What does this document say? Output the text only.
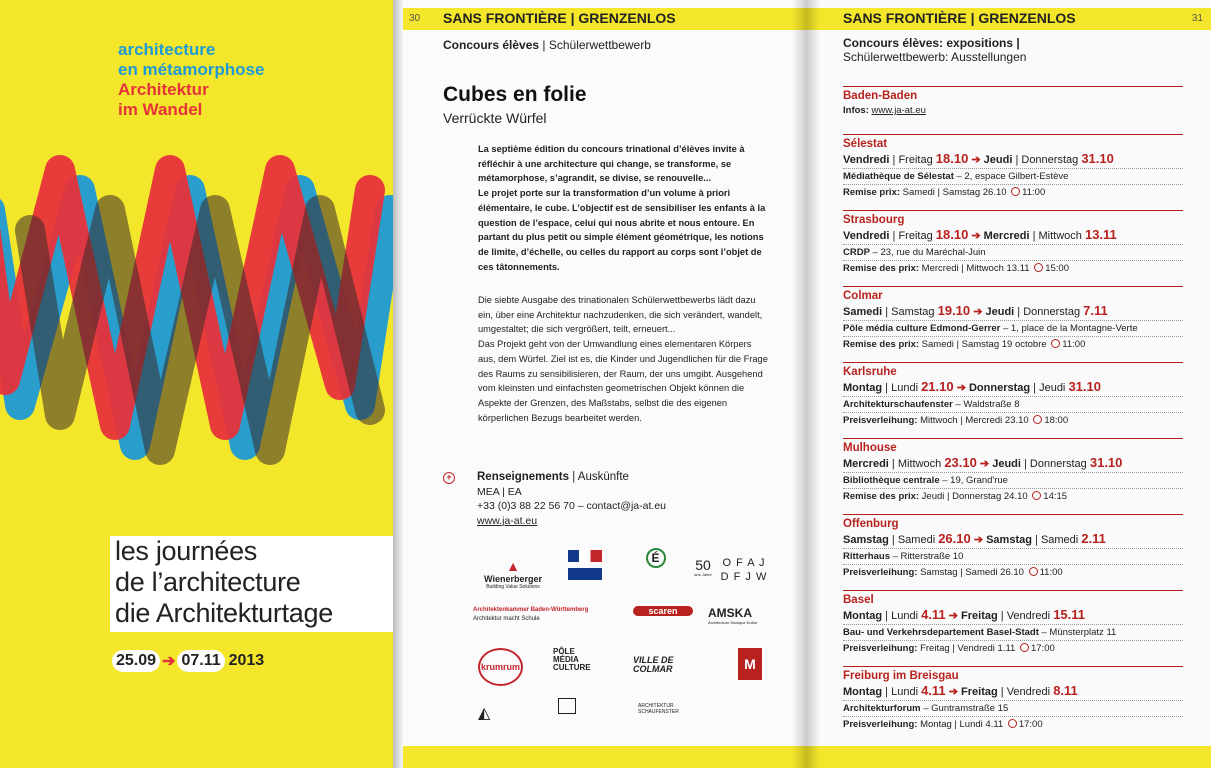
architecture
en métamorphose
Architektur
im Wandel
les journées
de l’architecture
die Architekturtage
25.09 ➔ 07.11 2013
30 SANS FRONTIÈRE | GRENZENLOS
Concours élèves | Schülerwettbewerb
Cubes en folie
Verrückte Würfel
La septième édition du concours trinational d’élèves invite à réfléchir à une architecture qui change, se transforme, se métamorphose, s’agrandit, se divise, se renouvelle...
Le projet porte sur la transformation d’un volume à priori élémentaire, le cube. L’objectif est de sensibiliser les enfants à la question de l’espace, celui qui nous abrite et nous entoure. En partant du plus petit ou simple élément géométrique, les notions de limite, d’échelle, ou celles du rapport au corps sont l’objet de ces tâtonnements.
Die siebte Ausgabe des trinationalen Schülerwettbewerbs lädt dazu ein, über eine Architektur nachzudenken, die sich verändert, wandelt, umgestaltet; die sich vergrößert, teilt, erneuert...
Das Projekt geht von der Umwandlung eines elementaren Körpers aus, dem Würfel. Ziel ist es, die Kinder und Jugendlichen für die Frage des Raums zu sensibilisieren, der Raum, der uns umgibt. Ausgehend vom kleinsten und einfachsten geometrischen Objekt können die Aspekte der Grenzen, des Maßstabs, selbst die des eigenen körperlichen Bezugs bearbeitet werden.
+ Renseignements | Auskünfte
MEA | EA
+33 (0)3 88 22 56 70 – contact@ja-at.eu
www.ja-at.eu
▲
Wienerberger
Building Value Solutions
É	50
ans Jahre
O F A J
D F J W
Architektenkammer Baden-Württemberg
Architektur macht Schule
scaren	AMSKA
Architecture Musique Kultur
krumrum
PÔLE
MÉDIA
CULTURE
VILLE DE
COLMAR	M
◭	ARCHITEKTUR
SCHAUFENSTER
SANS FRONTIÈRE | GRENZENLOS	31
Concours élèves: expositions |
Schülerwettbewerb: Ausstellungen
Baden-Baden
Infos: www.ja-at.eu
Sélestat
Vendredi | Freitag 18.10 ➔ Jeudi | Donnerstag 31.10
Médiathèque de Sélestat – 2, espace Gilbert-Estève
Remise prix: Samedi | Samstag 26.10 11:00
Strasbourg
Vendredi | Freitag 18.10 ➔ Mercredi | Mittwoch 13.11
CRDP – 23, rue du Maréchal-Juin
Remise des prix: Mercredi | Mittwoch 13.11 15:00
Colmar
Samedi | Samstag 19.10 ➔ Jeudi | Donnerstag 7.11
Pôle média culture Edmond-Gerrer – 1, place de la Montagne-Verte
Remise des prix: Samedi | Samstag 19 octobre 11:00
Karlsruhe
Montag | Lundi 21.10 ➔ Donnerstag | Jeudi 31.10
Architekturschaufenster – Waldstraße 8
Preisverleihung: Mittwoch | Mercredi 23.10 18:00
Mulhouse
Mercredi | Mittwoch 23.10 ➔ Jeudi | Donnerstag 31.10
Bibliothèque centrale – 19, Grand'rue
Remise des prix: Jeudi | Donnerstag 24.10 14:15
Offenburg
Samstag | Samedi 26.10 ➔ Samstag | Samedi 2.11
Ritterhaus – Ritterstraße 10
Preisverleihung: Samstag | Samedi 26.10 11:00
Basel
Montag | Lundi 4.11 ➔ Freitag | Vendredi 15.11
Bau- und Verkehrsdepartement Basel-Stadt – Münsterplatz 11
Preisverleihung: Freitag | Vendredi 1.11 17:00
Freiburg im Breisgau
Montag | Lundi 4.11 ➔ Freitag | Vendredi 8.11
Architekturforum – Guntramstraße 15
Preisverleihung: Montag | Lundi 4.11 17:00
